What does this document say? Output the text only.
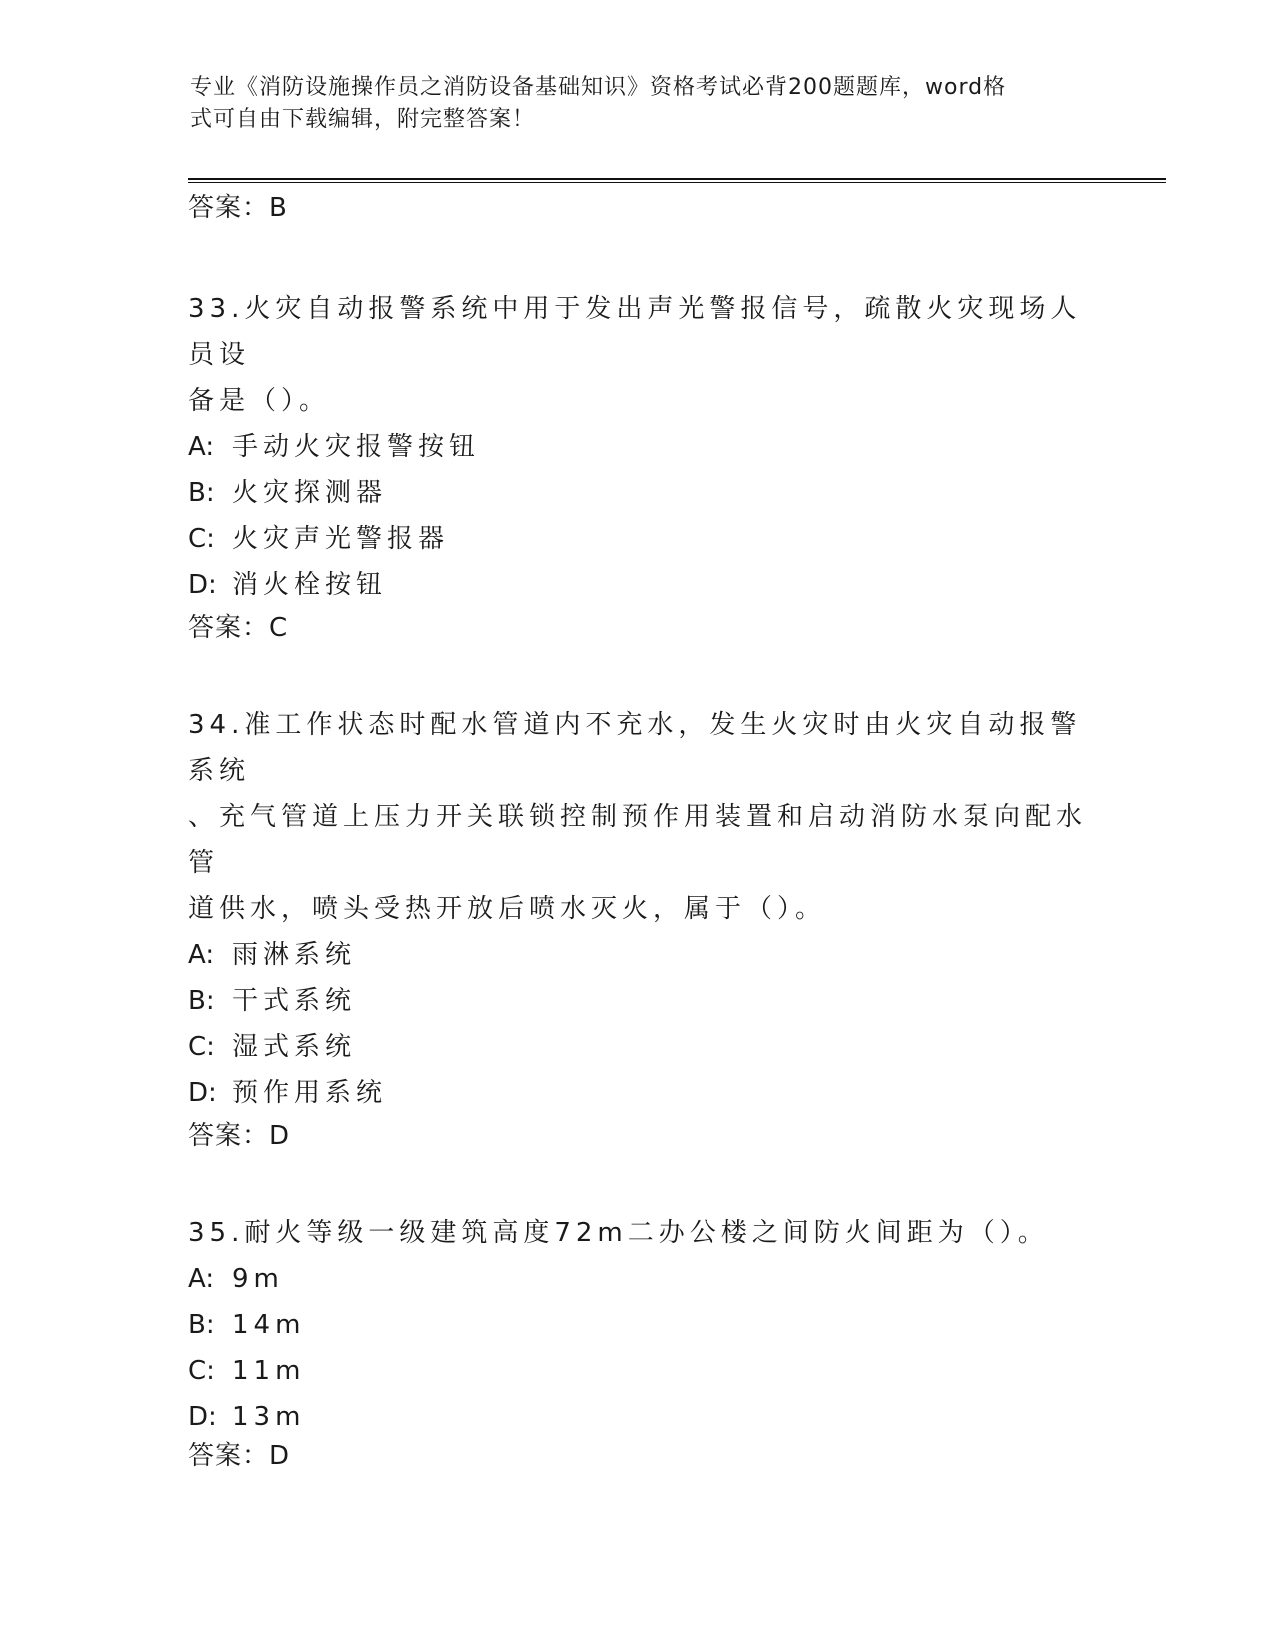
专业《消防设施操作员之消防设备基础知识》资格考试必背200题题库，word格
式可自由下载编辑，附完整答案！
答案：B
33.火灾自动报警系统中用于发出声光警报信号，疏散火灾现场人员设
备是（）。
A: 手动火灾报警按钮
B: 火灾探测器
C: 火灾声光警报器
D: 消火栓按钮
答案：C
34.准工作状态时配水管道内不充水，发生火灾时由火灾自动报警系统
、充气管道上压力开关联锁控制预作用装置和启动消防水泵向配水管
道供水，喷头受热开放后喷水灭火，属于（）。
A: 雨淋系统
B: 干式系统
C: 湿式系统
D: 预作用系统
答案：D
35.耐火等级一级建筑高度72m二办公楼之间防火间距为（）。
A: 9m
B: 14m
C: 11m
D: 13m
答案：D
